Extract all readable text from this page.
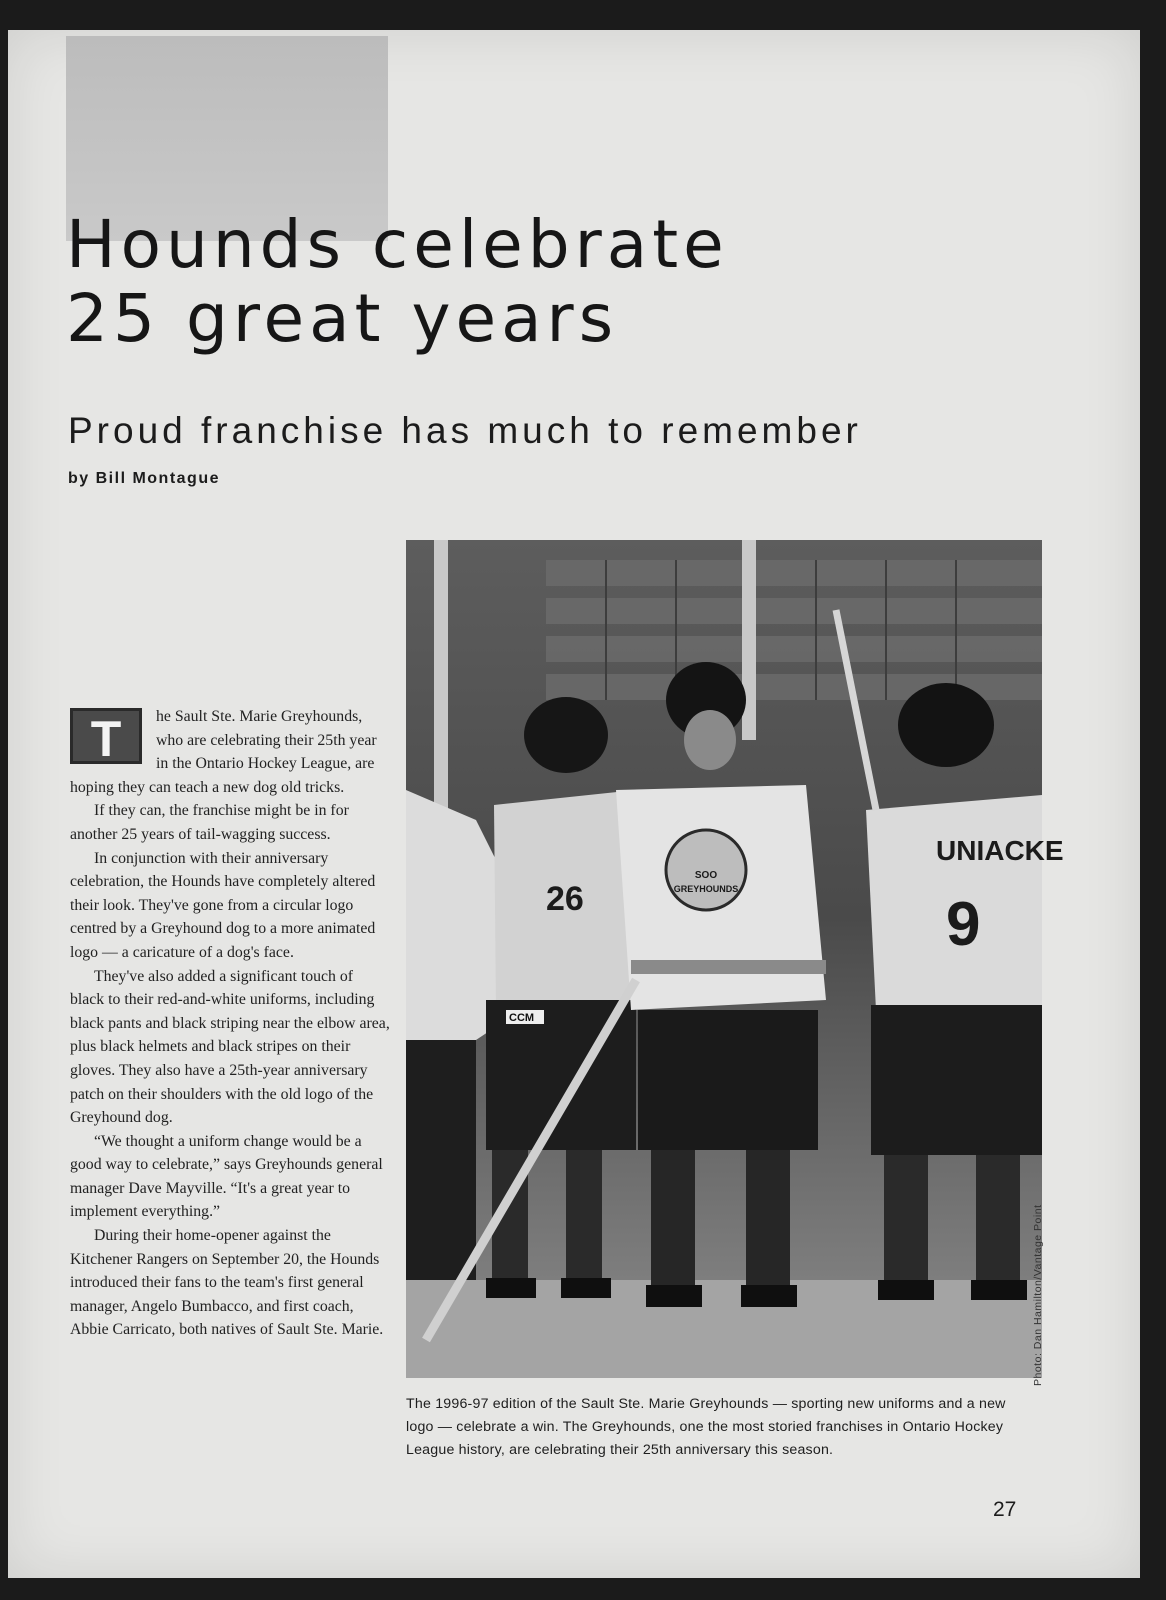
Hounds celebrate
25 great years
Proud franchise has much to remember
by Bill Montague
T	he Sault Ste. Marie Greyhounds, who are celebrating their 25th year in the Ontario Hockey League, are hoping they can teach a new dog old tricks.

If they can, the franchise might be in for another 25 years of tail-wagging success.

In conjunction with their anniversary celebration, the Hounds have completely altered their look. They've gone from a circular logo centred by a Greyhound dog to a more animated logo — a caricature of a dog's face.

They've also added a significant touch of black to their red-and-white uniforms, including black pants and black striping near the elbow area, plus black helmets and black stripes on their gloves. They also have a 25th-year anniversary patch on their shoulders with the old logo of the Greyhound dog.

“We thought a uniform change would be a good way to celebrate,” says Greyhounds general manager Dave Mayville. “It's a great year to implement everything.”

During their home-opener against the Kitchener Rangers on September 20, the Hounds introduced their fans to the team's first general manager, Angelo Bumbacco, and first coach, Abbie Carricato, both natives of Sault Ste. Marie.

26
CCM
SOO
GREYHOUNDS
UNIACKE
9
Photo: Dan Hamilton/Vantage Point
The 1996-97 edition of the Sault Ste. Marie Greyhounds — sporting new uniforms and a new logo — celebrate a win. The Greyhounds, one the most storied franchises in Ontario Hockey League history, are celebrating their 25th anniversary this season.
27
